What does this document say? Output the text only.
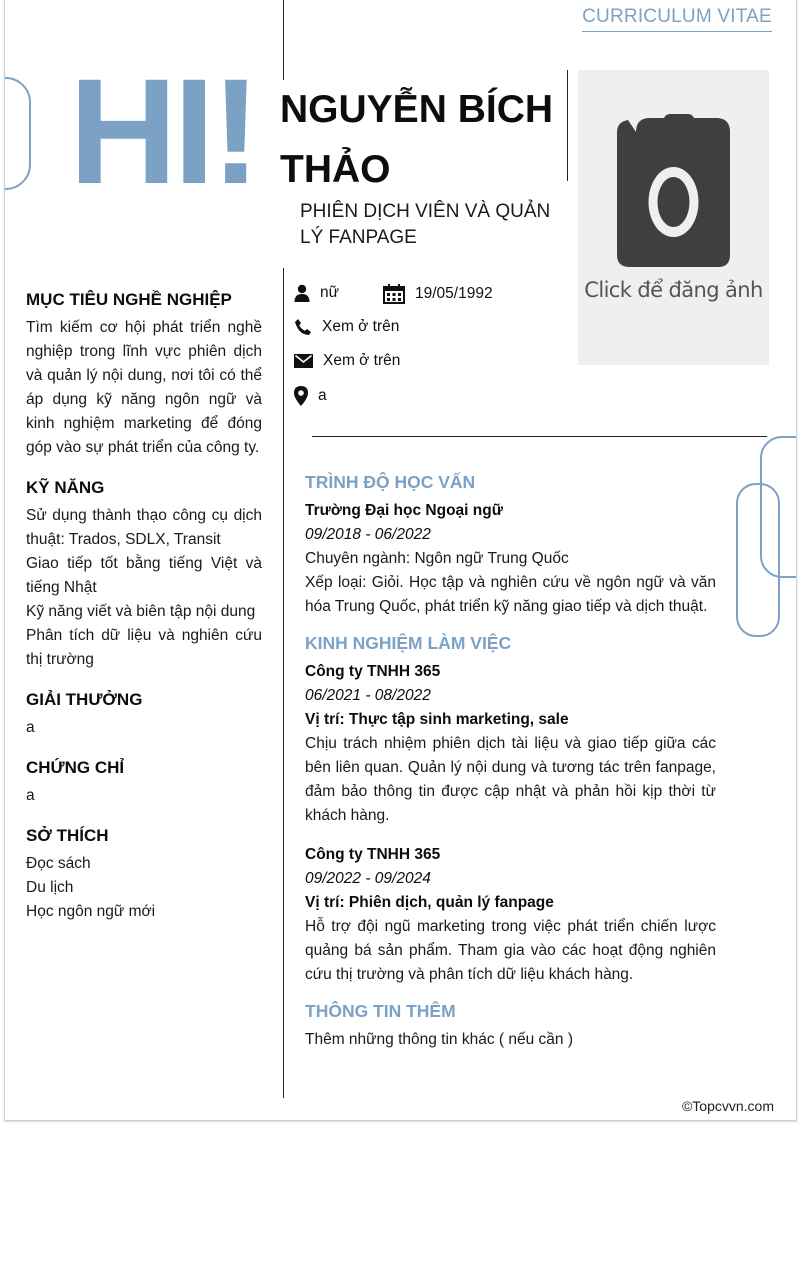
CURRICULUM VITAE
HI! NGUYỄN BÍCH THẢO
PHIÊN DỊCH VIÊN VÀ QUẢN LÝ FANPAGE
Click để đăng ảnh
nữ	19/05/1992
Xem ở trên
Xem ở trên
a
MỤC TIÊU NGHỀ NGHIỆP

Tìm kiếm cơ hội phát triển nghề nghiệp trong lĩnh vực phiên dịch và quản lý nội dung, nơi tôi có thể áp dụng kỹ năng ngôn ngữ và kinh nghiệm marketing để đóng góp vào sự phát triển của công ty.

KỸ NĂNG
Sử dụng thành thạo công cụ dịch thuật: Trados, SDLX, Transit
Giao tiếp tốt bằng tiếng Việt và tiếng Nhật
Kỹ năng viết và biên tập nội dung
Phân tích dữ liệu và nghiên cứu thị trường
GIẢI THƯỞNG
a
CHỨNG CHỈ
a
SỞ THÍCH
Đọc sách
Du lịch
Học ngôn ngữ mới
TRÌNH ĐỘ HỌC VẤN
Trường Đại học Ngoại ngữ
09/2018 - 06/2022
Chuyên ngành: Ngôn ngữ Trung Quốc
Xếp loại: Giỏi. Học tập và nghiên cứu về ngôn ngữ và văn hóa Trung Quốc, phát triển kỹ năng giao tiếp và dịch thuật.
KINH NGHIỆM LÀM VIỆC
Công ty TNHH 365
06/2021 - 08/2022
Vị trí: Thực tập sinh marketing, sale
Chịu trách nhiệm phiên dịch tài liệu và giao tiếp giữa các bên liên quan. Quản lý nội dung và tương tác trên fanpage, đảm bảo thông tin được cập nhật và phản hồi kịp thời từ khách hàng.
Công ty TNHH 365
09/2022 - 09/2024
Vị trí: Phiên dịch, quản lý fanpage
Hỗ trợ đội ngũ marketing trong việc phát triển chiến lược quảng bá sản phẩm. Tham gia vào các hoạt động nghiên cứu thị trường và phân tích dữ liệu khách hàng.
THÔNG TIN THÊM
Thêm những thông tin khác ( nếu cần )
©Topcvvn.com
